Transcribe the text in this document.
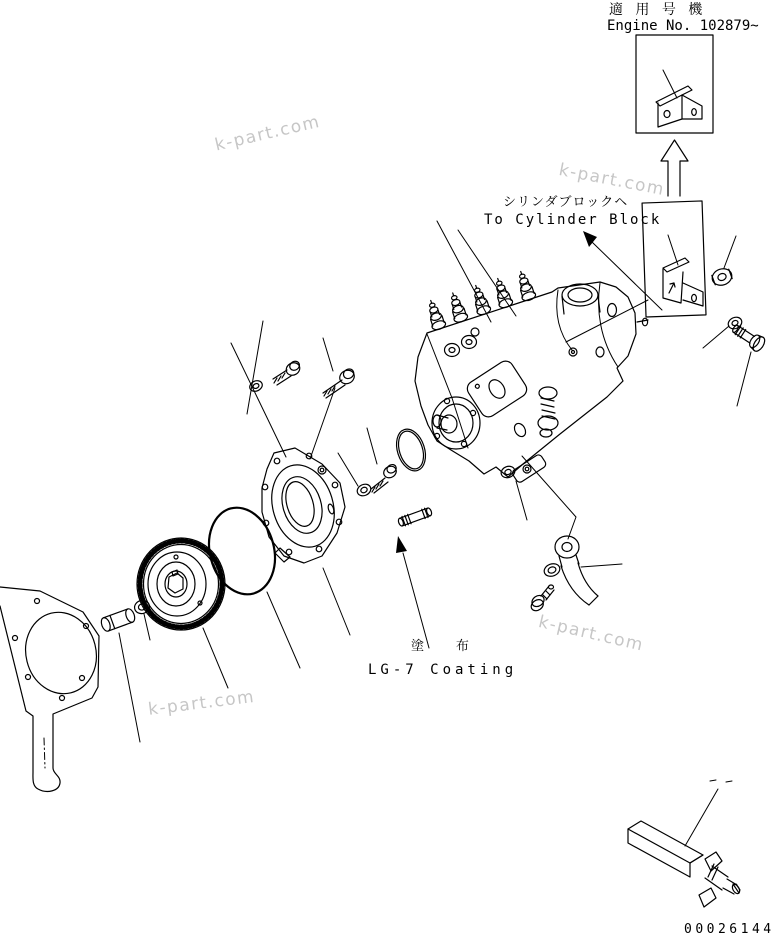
適 用 号 機
Engine No. 102879~
シリンダブロックヘ
To Cylinder Block
塗 布
LG-7 Coating
00026144
k-part.com
k-part.com
k-part.com
k-part.com
